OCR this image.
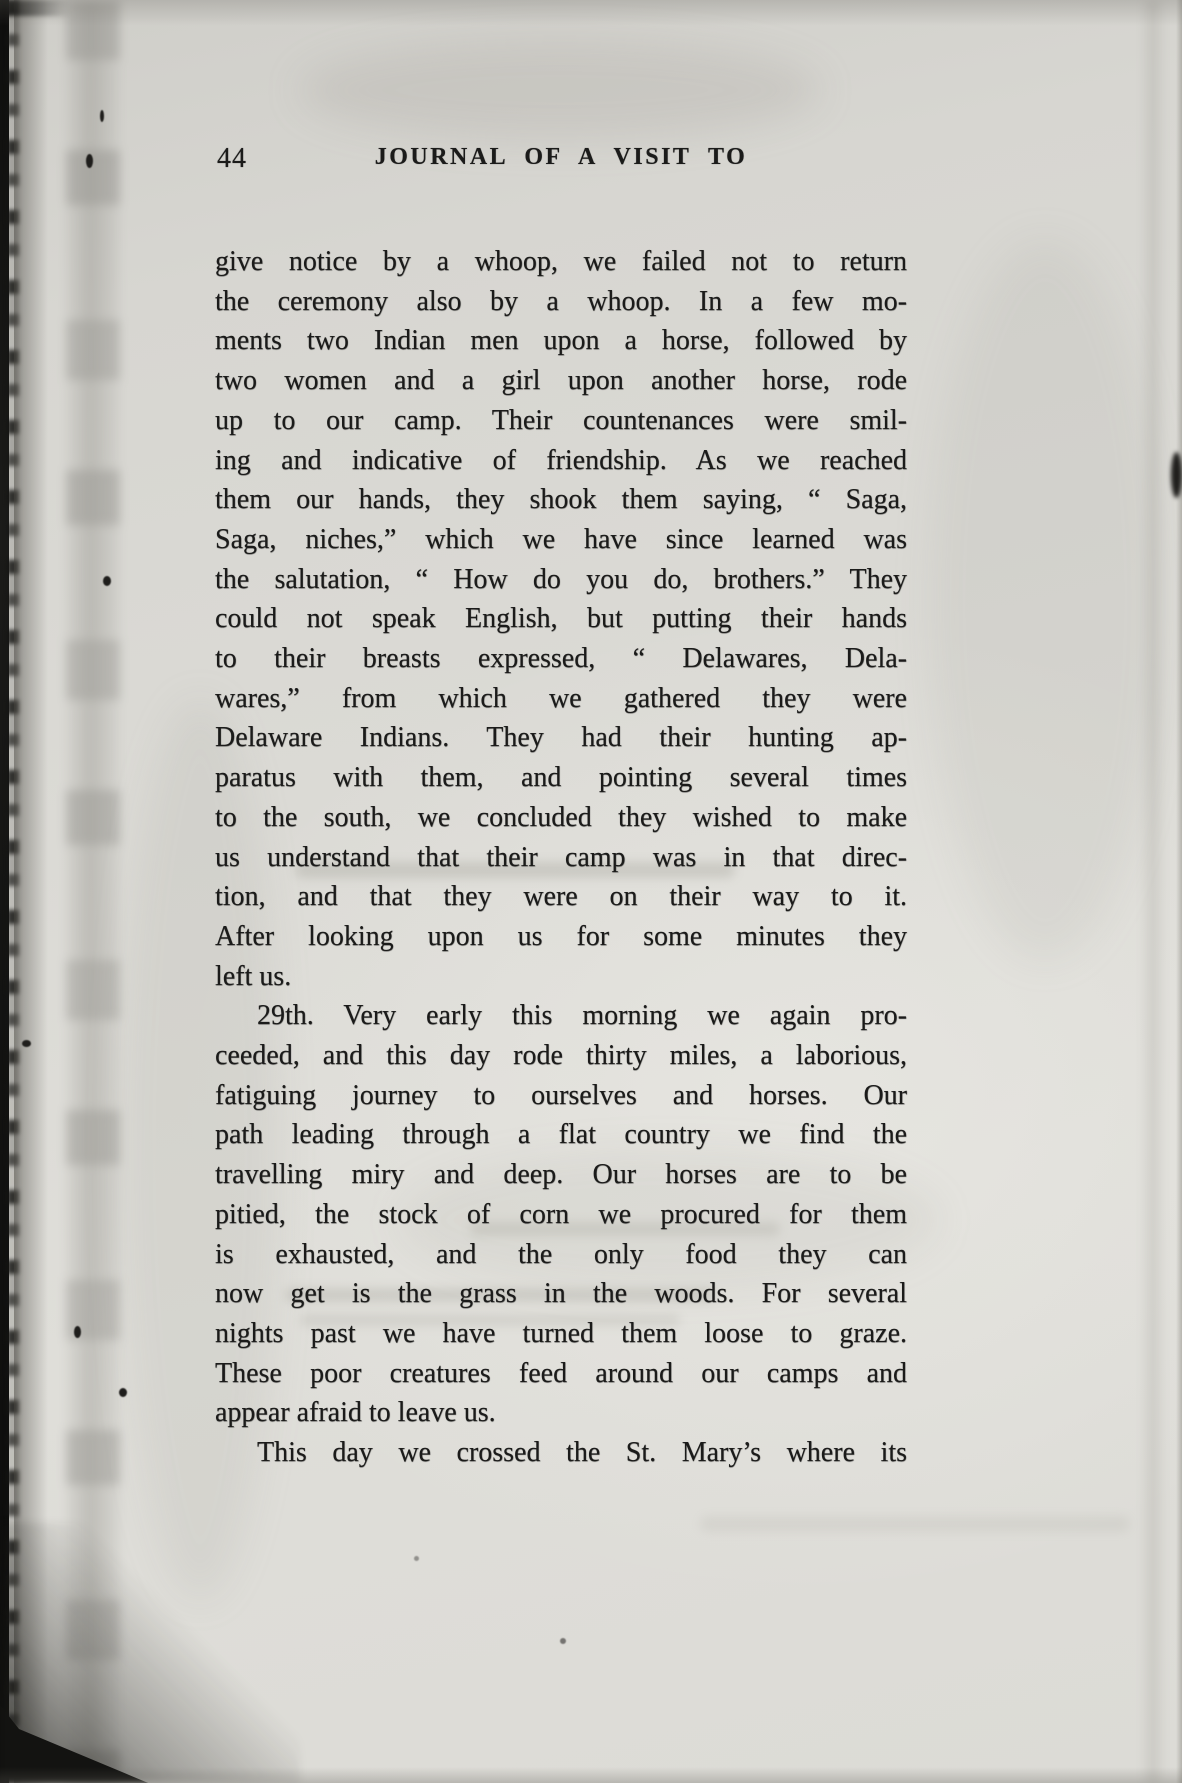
44	JOURNAL OF A VISIT TO
give notice by a whoop, we failed not to return
the ceremony also by a whoop. In a few mo-
ments two Indian men upon a horse, followed by
two women and a girl upon another horse, rode
up to our camp. Their countenances were smil-
ing and indicative of friendship. As we reached
them our hands, they shook them saying, “ Saga,
Saga, niches,” which we have since learned was
the salutation, “ How do you do, brothers.” They
could not speak English, but putting their hands
to their breasts expressed, “ Delawares, Dela-
wares,” from which we gathered they were
Delaware Indians. They had their hunting ap-
paratus with them, and pointing several times
to the south, we concluded they wished to make
us understand that their camp was in that direc-
tion, and that they were on their way to it.
After looking upon us for some minutes they
left us.
29th. Very early this morning we again pro-
ceeded, and this day rode thirty miles, a laborious,
fatiguing journey to ourselves and horses. Our
path leading through a flat country we find the
travelling miry and deep. Our horses are to be
pitied, the stock of corn we procured for them
is exhausted, and the only food they can
now get is the grass in the woods. For several
nights past we have turned them loose to graze.
These poor creatures feed around our camps and
appear afraid to leave us.
This day we crossed the St. Mary’s where its
